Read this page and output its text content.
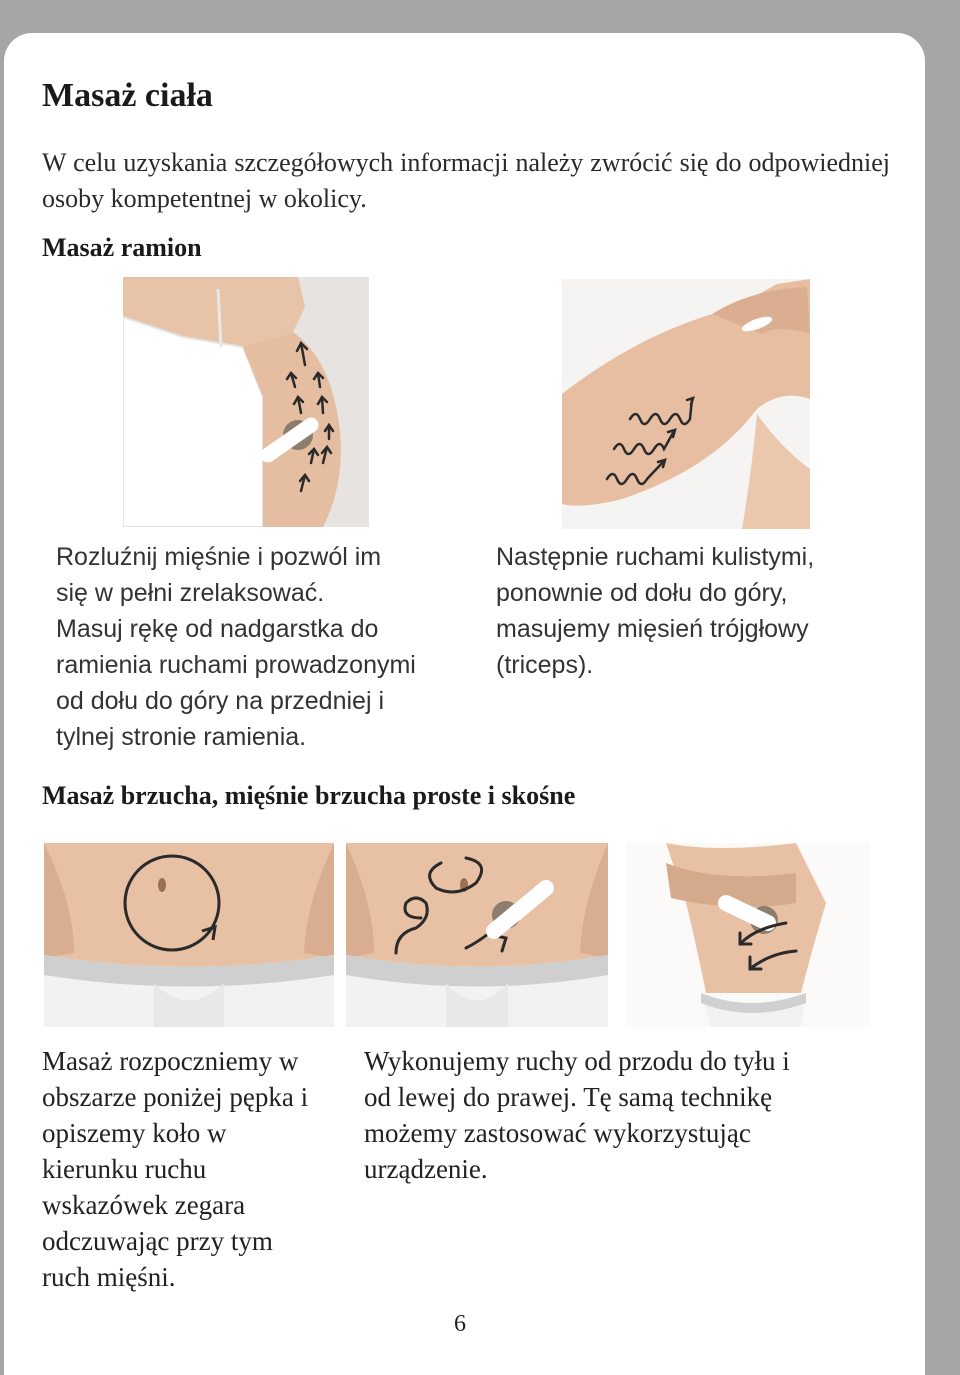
Masaż ciała
W celu uzyskania szczegółowych informacji należy zwrócić się do odpowiedniej osoby kompetentnej w okolicy.
Masaż ramion
Rozluźnij mięśnie i pozwól im
się w pełni zrelaksować.
Masuj rękę od nadgarstka do
ramienia ruchami prowadzonymi
od dołu do góry na przedniej i
tylnej stronie ramienia.
Następnie ruchami kulistymi,
ponownie od dołu do góry,
masujemy mięsień trójgłowy
(triceps).
Masaż brzucha, mięśnie brzucha proste i skośne
Masaż rozpoczniemy w
obszarze poniżej pępka i
opiszemy koło w
kierunku ruchu
wskazówek zegara
odczuwając przy tym
ruch mięśni.
Wykonujemy ruchy od przodu do tyłu i
od lewej do prawej. Tę samą technikę
możemy zastosować wykorzystując
urządzenie.
6
